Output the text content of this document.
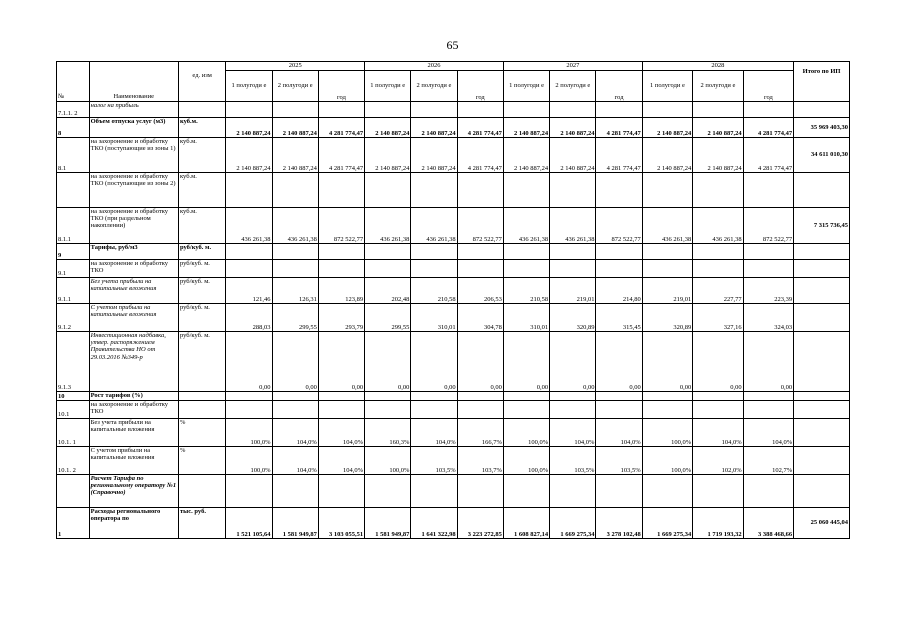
65
№	Наименование	ед. изм	2025			2026			2027			2028			Итого по ИП
			1 полугоди е	2 полугоди е	год	1 полугоди е	2 полугоди е	год	1 полугоди е	2 полугоди е	год	1 полугоди е	2 полугоди е	год	
7.1.1. 2	налог на прибыль														
8	Объем отпуска услуг (м3)	куб.м.	2 140 887,24	2 140 887,24	4 281 774,47	2 140 887,24	2 140 887,24	4 281 774,47	2 140 887,24	2 140 887,24	4 281 774,47	2 140 887,24	2 140 887,24	4 281 774,47	35 969 403,30
8.1	на захоронение и обработку ТКО (поступающие из зоны 1)	куб.м.	2 140 887,24	2 140 887,24	4 281 774,47	2 140 887,24	2 140 887,24	4 281 774,47	2 140 887,24	2 140 887,24	4 281 774,47	2 140 887,24	2 140 887,24	4 281 774,47	34 611 010,30
	на захоронение и обработку ТКО (поступающие из зоны 2)	куб.м.													
8.1.1	на захоронение и обработку ТКО (при раздельном накоплении)	куб.м.	436 261,38	436 261,38	872 522,77	436 261,38	436 261,38	872 522,77	436 261,38	436 261,38	872 522,77	436 261,38	436 261,38	872 522,77	7 315 736,45
9	Тарифы, руб/м3	руб/куб. м.													
9.1	на захоронение и обработку ТКО	руб/куб. м.													
9.1.1	Без учета прибыли на капитальные вложения	руб/куб. м.	121,46	126,31	123,89	202,48	210,58	206,53	210,58	219,01	214,80	219,01	227,77	223,39	
9.1.2	С учетом прибыли на капитальные вложения	руб/куб. м.	288,03	299,55	293,79	299,55	310,01	304,78	310,01	320,89	315,45	320,89	327,16	324,03	
9.1.3	Инвестиционная надбавка, утвер. распоряжением Правительства НО от 29.03.2016 №349-р	руб/куб. м.	0,00	0,00	0,00	0,00	0,00	0,00	0,00	0,00	0,00	0,00	0,00	0,00	
10	Рост тарифов (%)														
10.1	на захоронение и обработку ТКО														
10.1. 1	Без учета прибыли на капитальные вложения	%	100,0%	104,0%	104,0%	160,3%	104,0%	166,7%	100,0%	104,0%	104,0%	100,0%	104,0%	104,0%	
10.1. 2	С учетом прибыли на капитальные вложения	%	100,0%	104,0%	104,0%	100,0%	103,5%	103,7%	100,0%	103,5%	103,5%	100,0%	102,0%	102,7%	
	Расчет Тарифа по региональному оператору №1 (Справочно)														
1	Расходы регионального оператора по	тыс. руб.	1 521 105,64	1 581 949,87	3 103 055,51	1 581 949,87	1 641 322,98	3 223 272,85	1 608 827,14	1 669 275,34	3 278 102,48	1 669 275,34	1 719 193,32	3 388 468,66	25 060 445,04
